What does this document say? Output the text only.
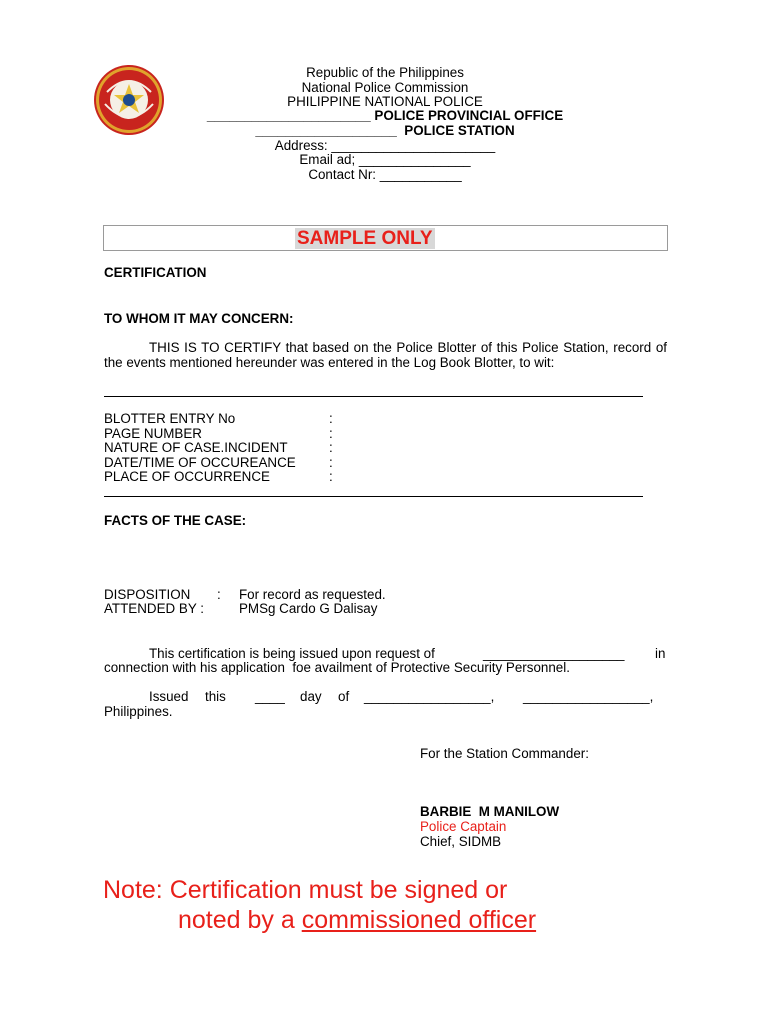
Republic of the Philippines
National Police Commission
PHILIPPINE NATIONAL POLICE
______________________ POLICE PROVINCIAL OFFICE
___________________  POLICE STATION
Address: ______________________
Email ad; _______________
Contact Nr: ___________
SAMPLE ONLY
CERTIFICATION
TO WHOM IT MAY CONCERN:
THIS IS TO CERTIFY that based on the Police Blotter of this Police Station, record of the events mentioned hereunder was entered in the Log Book Blotter, to wit:
BLOTTER ENTRY No	:
PAGE NUMBER	:
NATURE OF CASE.INCIDENT	:
DATE/TIME OF OCCUREANCE :
PLACE OF OCCURRENCE	:
FACTS OF THE CASE:
DISPOSITION : For record as requested.
ATTENDED BY :	PMSg Cardo G Dalisay
This certification is being issued upon request of	___________________ in
connection with his application  foe availment of Protective Security Personnel.
Issued this ____ day of _________________, _________________,
Philippines.
For the Station Commander:
BARBIE  M MANILOW
Police Captain
Chief, SIDMB
Note: Certification must be signed or
noted by a commissioned officer
